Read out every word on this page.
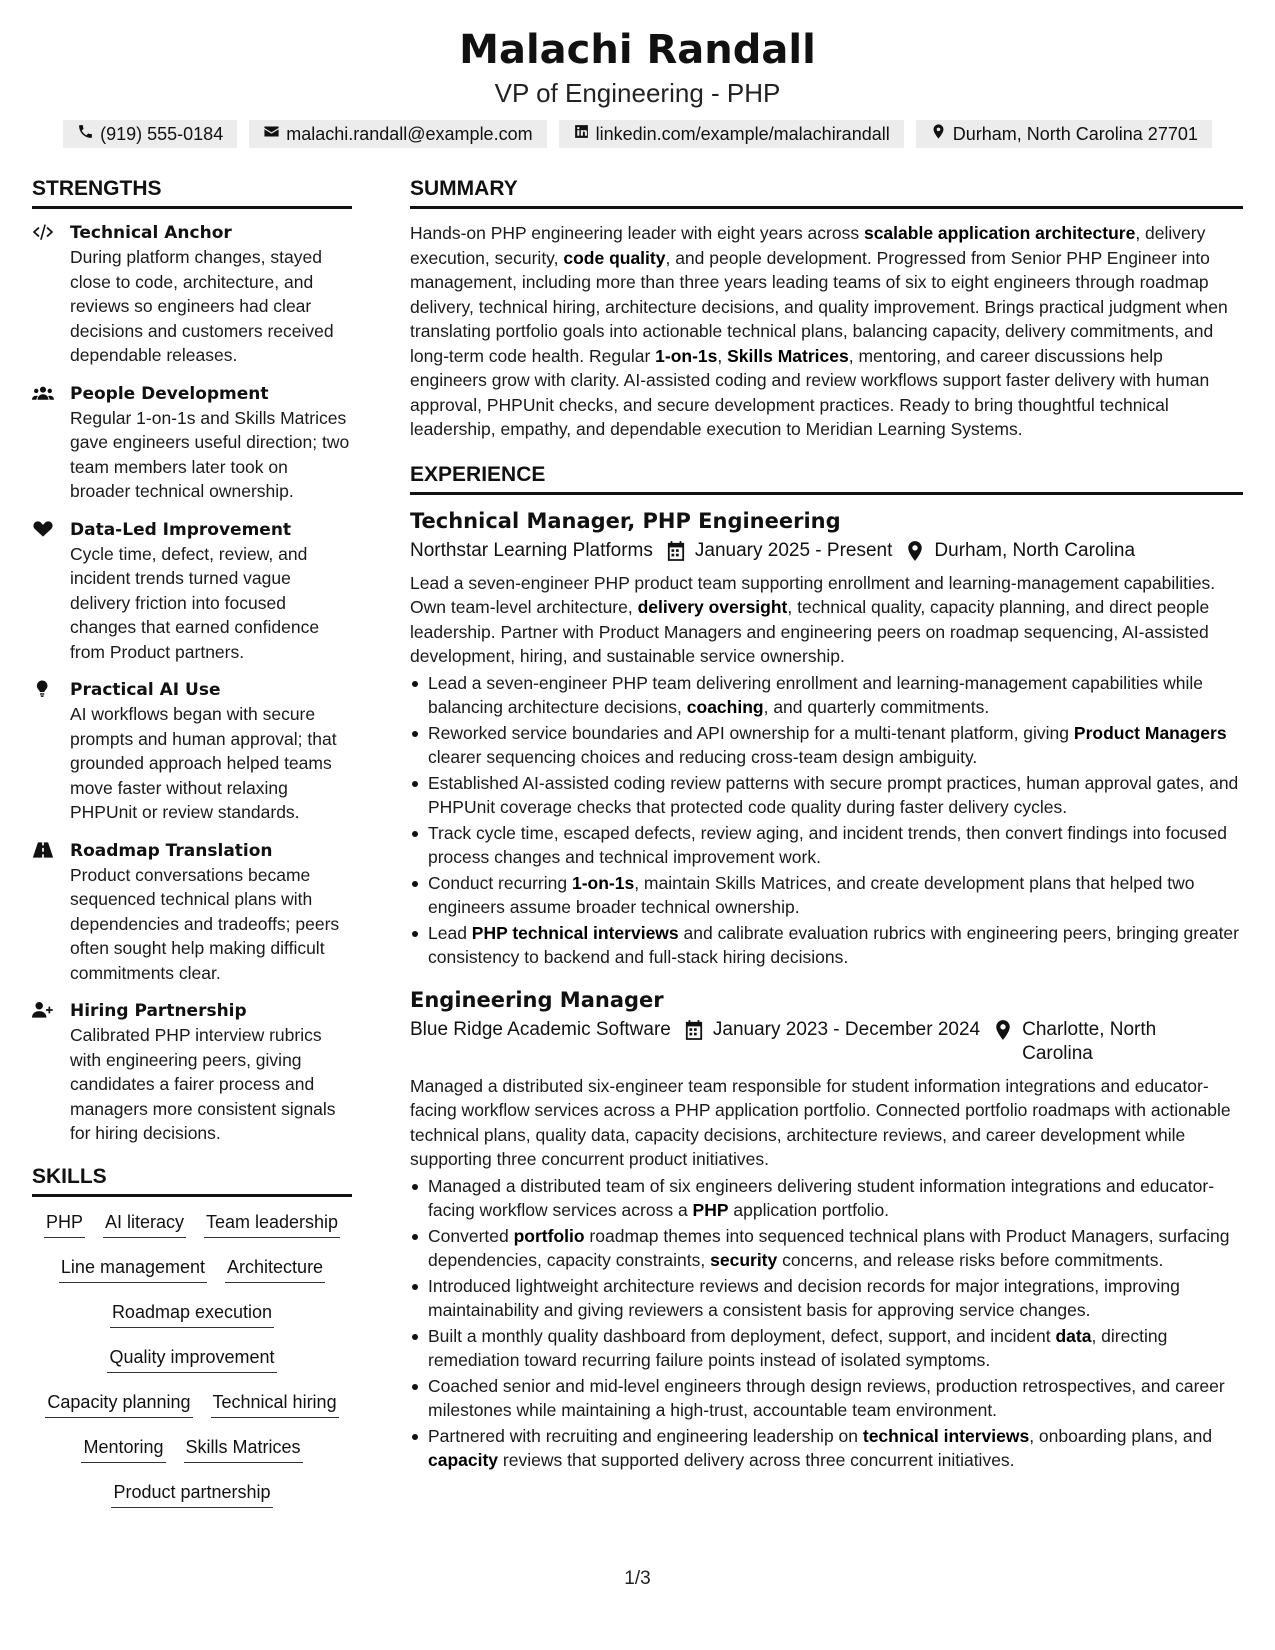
Malachi Randall
VP of Engineering - PHP
(919) 555-0184	malachi.randall@example.com	linkedin.com/example/malachirandall	Durham, North Carolina 27701
STRENGTHS
Technical Anchor
During platform changes, stayed close to code, architecture, and reviews so engineers had clear decisions and customers received dependable releases.
People Development
Regular 1-on-1s and Skills Matrices gave engineers useful direction; two team members later took on broader technical ownership.
Data-Led Improvement
Cycle time, defect, review, and incident trends turned vague delivery friction into focused changes that earned confidence from Product partners.
Practical AI Use
AI workflows began with secure prompts and human approval; that grounded approach helped teams move faster without relaxing PHPUnit or review standards.
Roadmap Translation
Product conversations became sequenced technical plans with dependencies and tradeoffs; peers often sought help making difficult commitments clear.
Hiring Partnership
Calibrated PHP interview rubrics with engineering peers, giving candidates a fairer process and managers more consistent signals for hiring decisions.
SKILLS
PHP AI literacy Team leadership
Line management Architecture
Roadmap execution
Quality improvement
Capacity planning Technical hiring
Mentoring Skills Matrices
Product partnership
SUMMARY
Hands-on PHP engineering leader with eight years across scalable application architecture, delivery execution, security, code quality, and people development. Progressed from Senior PHP Engineer into management, including more than three years leading teams of six to eight engineers through roadmap delivery, technical hiring, architecture decisions, and quality improvement. Brings practical judgment when translating portfolio goals into actionable technical plans, balancing capacity, delivery commitments, and long-term code health. Regular 1-on-1s, Skills Matrices, mentoring, and career discussions help engineers grow with clarity. AI-assisted coding and review workflows support faster delivery with human approval, PHPUnit checks, and secure development practices. Ready to bring thoughtful technical leadership, empathy, and dependable execution to Meridian Learning Systems.
EXPERIENCE
Technical Manager, PHP Engineering
Northstar Learning Platforms January 2025 - Present Durham, North Carolina
Lead a seven-engineer PHP product team supporting enrollment and learning-management capabilities. Own team-level architecture, delivery oversight, technical quality, capacity planning, and direct people leadership. Partner with Product Managers and engineering peers on roadmap sequencing, AI-assisted development, hiring, and sustainable service ownership.
Lead a seven-engineer PHP team delivering enrollment and learning-management capabilities while balancing architecture decisions, coaching, and quarterly commitments.
Reworked service boundaries and API ownership for a multi-tenant platform, giving Product Managers clearer sequencing choices and reducing cross-team design ambiguity.
Established AI-assisted coding review patterns with secure prompt practices, human approval gates, and PHPUnit coverage checks that protected code quality during faster delivery cycles.
Track cycle time, escaped defects, review aging, and incident trends, then convert findings into focused process changes and technical improvement work.
Conduct recurring 1-on-1s, maintain Skills Matrices, and create development plans that helped two engineers assume broader technical ownership.
Lead PHP technical interviews and calibrate evaluation rubrics with engineering peers, bringing greater consistency to backend and full-stack hiring decisions.
Engineering Manager
Blue Ridge Academic Software January 2023 - December 2024 Charlotte, North Carolina
Managed a distributed six-engineer team responsible for student information integrations and educator-facing workflow services across a PHP application portfolio. Connected portfolio roadmaps with actionable technical plans, quality data, capacity decisions, architecture reviews, and career development while supporting three concurrent product initiatives.
Managed a distributed team of six engineers delivering student information integrations and educator-facing workflow services across a PHP application portfolio.
Converted portfolio roadmap themes into sequenced technical plans with Product Managers, surfacing dependencies, capacity constraints, security concerns, and release risks before commitments.
Introduced lightweight architecture reviews and decision records for major integrations, improving maintainability and giving reviewers a consistent basis for approving service changes.
Built a monthly quality dashboard from deployment, defect, support, and incident data, directing remediation toward recurring failure points instead of isolated symptoms.
Coached senior and mid-level engineers through design reviews, production retrospectives, and career milestones while maintaining a high-trust, accountable team environment.
Partnered with recruiting and engineering leadership on technical interviews, onboarding plans, and capacity reviews that supported delivery across three concurrent initiatives.
1/3
